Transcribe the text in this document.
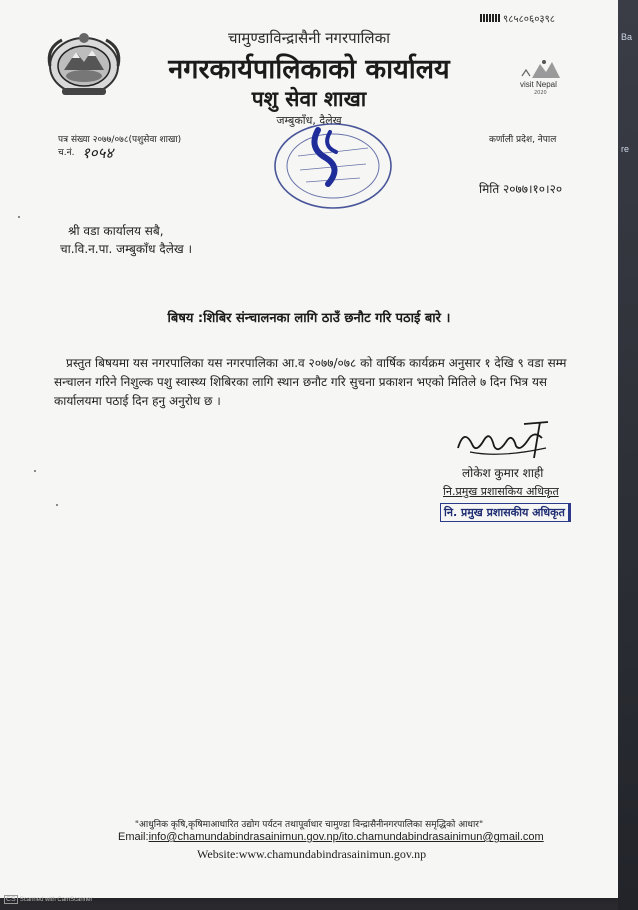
९८५८०६०३९८
चामुण्डाविन्द्रासैनी नगरपालिका
नगरकार्यपालिकाको कार्यालय
पशु सेवा शाखा
जम्बुकाँध, दैलेख
visit Nepal
2020
पत्र संख्या २०७७/०७८(पशुसेवा शाखा)
च.नं. १०५४
कर्णाली प्रदेश, नेपाल
मिति २०७७।१०।२०
श्री वडा कार्यालय सबै,
चा.वि.न.पा. जम्बुकाँध दैलेख ।
बिषय :शिबिर संन्चालनका लागि ठाउँ छनौट गरि पठाई बारे ।
प्रस्तुत बिषयमा यस नगरपालिका यस नगरपालिका आ.व २०७७/०७८ को वार्षिक कार्यक्रम अनुसार १ देखि ९ वडा सम्म सन्चालन गरिने निशुल्क पशु स्वास्थ्य शिबिरका लागि स्थान छनौट गरि सुचना प्रकाशन भएको मितिले ७ दिन भित्र यस कार्यालयमा पठाई दिन हनु अनुरोध छ ।
लोकेश कुमार शाही
नि.प्रमुख प्रशासकिय अधिकृत
नि. प्रमुख प्रशासकीय अधिकृत
"आधुनिक कृषि,कृषिमाआधारित उद्योग पर्यटन तथापूर्वाधार चामुण्डा विन्द्रासैनीनगरपालिका समृद्धिको आधार"
Email:info@chamundabindrasainimun.gov.np/ito.chamundabindrasainimun@gmail.com
Website:www.chamundabindrasainimun.gov.np
CS Scanned with CamScanner
Ba
re
